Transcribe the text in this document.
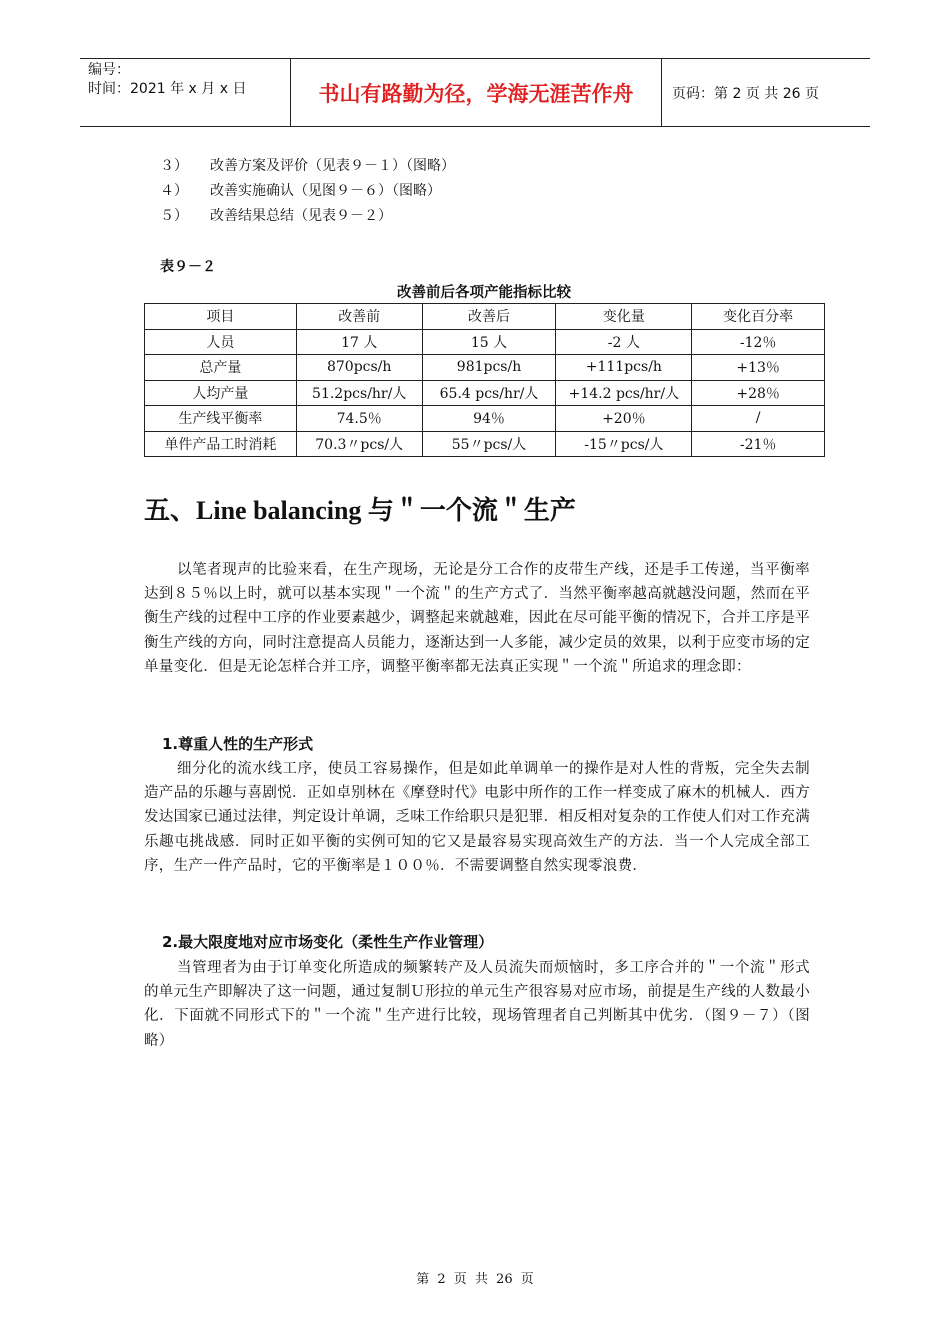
编号：
时间：2021 年 x 月 x 日	书山有路勤为径，学海无涯苦作舟	页码：第 2 页 共 26 页
３） 改善方案及评价（见表９－１）（图略）
４） 改善实施确认（见图９－６）（图略）
５） 改善结果总结（见表９－２）
表９－２
改善前后各项产能指标比较
项目	改善前	改善后	变化量	变化百分率
人员	17 人	15 人	-2 人	-12％
总产量	870pcs/h	981pcs/h	+111pcs/h	+13％
人均产量	51.2pcs/hr/人	65.4 pcs/hr/人	+14.2 pcs/hr/人	+28％
生产线平衡率	74.5％	94％	+20％	/
单件产品工时消耗	70.3〃pcs/人	55〃pcs/人	-15〃pcs/人	-21％
五、Line balancing 与＂一个流＂生产
以笔者现声的比验来看，在生产现场，无论是分工合作的皮带生产线，还是手工传递，当平衡率达到８５％以上时，就可以基本实现＂一个流＂的生产方式了．当然平衡率越高就越没问题，然而在平衡生产线的过程中工序的作业要素越少，调整起来就越难，因此在尽可能平衡的情况下，合并工序是平衡生产线的方向，同时注意提高人员能力，逐渐达到一人多能，减少定员的效果，以利于应变市场的定单量变化．但是无论怎样合并工序，调整平衡率都无法真正实现＂一个流＂所追求的理念即：
1.尊重人性的生产形式
细分化的流水线工序，使员工容易操作，但是如此单调单一的操作是对人性的背叛，完全失去制造产品的乐趣与喜剧悦．正如卓别林在《摩登时代》电影中所作的工作一样变成了麻木的机械人．西方发达国家已通过法律，判定设计单调，乏味工作给职只是犯罪．相反相对复杂的工作使人们对工作充满乐趣屯挑战感．同时正如平衡的实例可知的它又是最容易实现高效生产的方法．当一个人完成全部工序，生产一件产品时，它的平衡率是１００％．不需要调整自然实现零浪费．
2.最大限度地对应市场变化（柔性生产作业管理）
当管理者为由于订单变化所造成的频繁转产及人员流失而烦恼时，多工序合并的＂一个流＂形式的单元生产即解决了这一问题，通过复制Ｕ形拉的单元生产很容易对应市场，前提是生产线的人数最小化．下面就不同形式下的＂一个流＂生产进行比较，现场管理者自己判断其中优劣．（图９－７）（图略）
第 2 页 共 26 页
